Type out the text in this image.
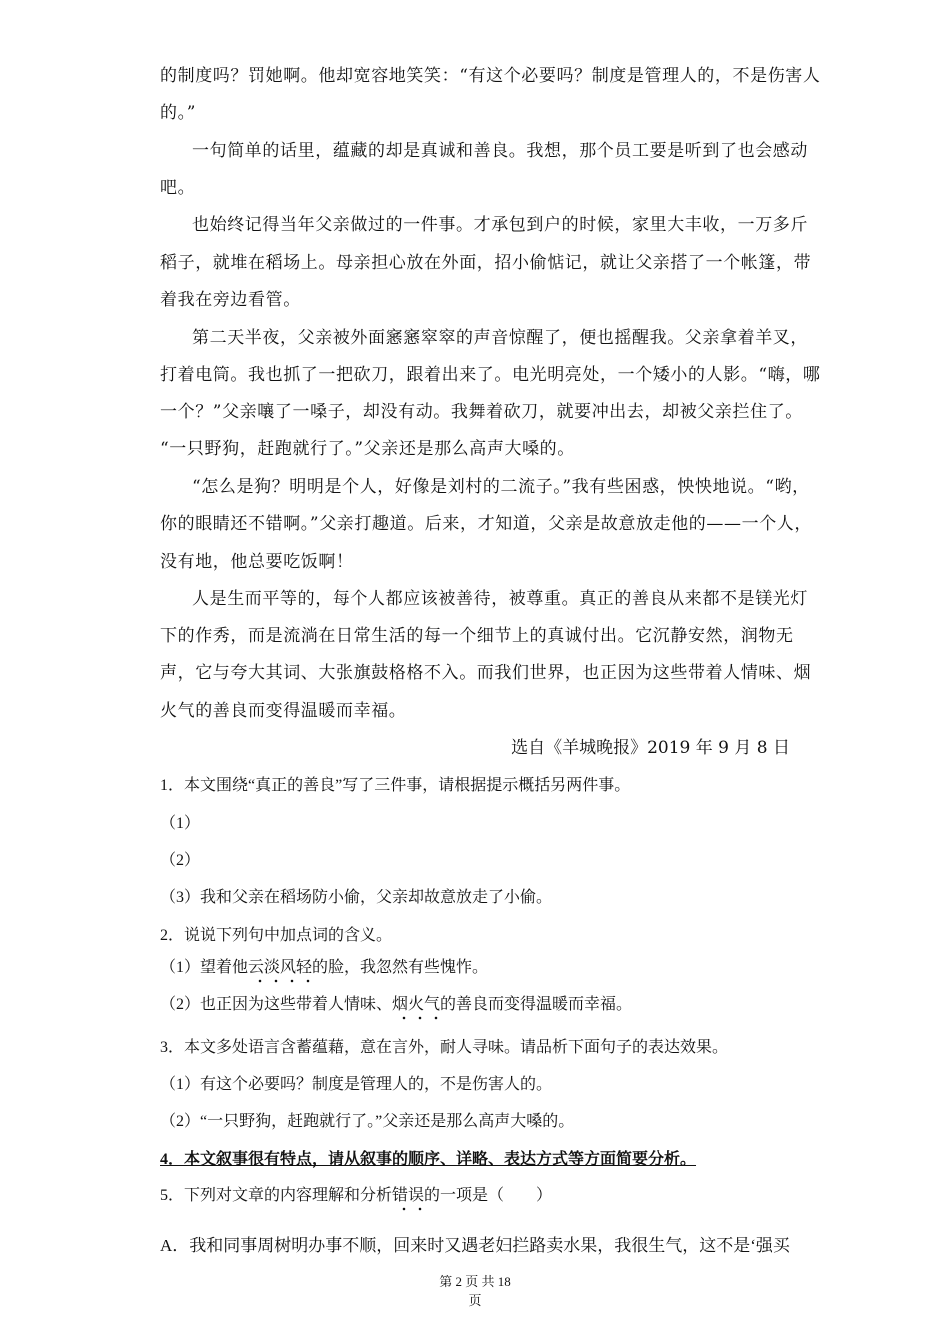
的制度吗？罚她啊。他却宽容地笑笑：“有这个必要吗？制度是管理人的，不是伤害人
的。”
一句简单的话里，蕴藏的却是真诚和善良。我想，那个员工要是听到了也会感动
吧。
也始终记得当年父亲做过的一件事。才承包到户的时候，家里大丰收，一万多斤
稻子，就堆在稻场上。母亲担心放在外面，招小偷惦记，就让父亲搭了一个帐篷，带
着我在旁边看管。
第二天半夜，父亲被外面窸窸窣窣的声音惊醒了，便也摇醒我。父亲拿着羊叉，
打着电筒。我也抓了一把砍刀，跟着出来了。电光明亮处，一个矮小的人影。“嗨，哪
一个？”父亲嚷了一嗓子，却没有动。我舞着砍刀，就要冲出去，却被父亲拦住了。
“一只野狗，赶跑就行了。”父亲还是那么高声大嗓的。
“怎么是狗？明明是个人，好像是刘村的二流子。”我有些困惑，怏怏地说。“哟，
你的眼睛还不错啊。”父亲打趣道。后来，才知道，父亲是故意放走他的——一个人，
没有地，他总要吃饭啊！
人是生而平等的，每个人都应该被善待，被尊重。真正的善良从来都不是镁光灯
下的作秀，而是流淌在日常生活的每一个细节上的真诚付出。它沉静安然，润物无
声，它与夸大其词、大张旗鼓格格不入。而我们世界，也正因为这些带着人情味、烟
火气的善良而变得温暖而幸福。
选自《羊城晚报》2019 年 9 月 8 日
1．本文围绕“真正的善良”写了三件事，请根据提示概括另两件事。
（1）
（2）
（3）我和父亲在稻场防小偷，父亲却故意放走了小偷。
2．说说下列句中加点词的含义。
（1）望着他云淡风轻的脸，我忽然有些愧怍。
（2）也正因为这些带着人情味、烟火气的善良而变得温暖而幸福。
3．本文多处语言含蓄蕴藉，意在言外，耐人寻味。请品析下面句子的表达效果。
（1）有这个必要吗？制度是管理人的，不是伤害人的。
（2）“一只野狗，赶跑就行了。”父亲还是那么高声大嗓的。
4．本文叙事很有特点，请从叙事的顺序、详略、表达方式等方面简要分析。
5．下列对文章的内容理解和分析错误的一项是（　　）
A．我和同事周树明办事不顺，回来时又遇老妇拦路卖水果，我很生气，这不是‘强买
第 2 页 共 18
页
